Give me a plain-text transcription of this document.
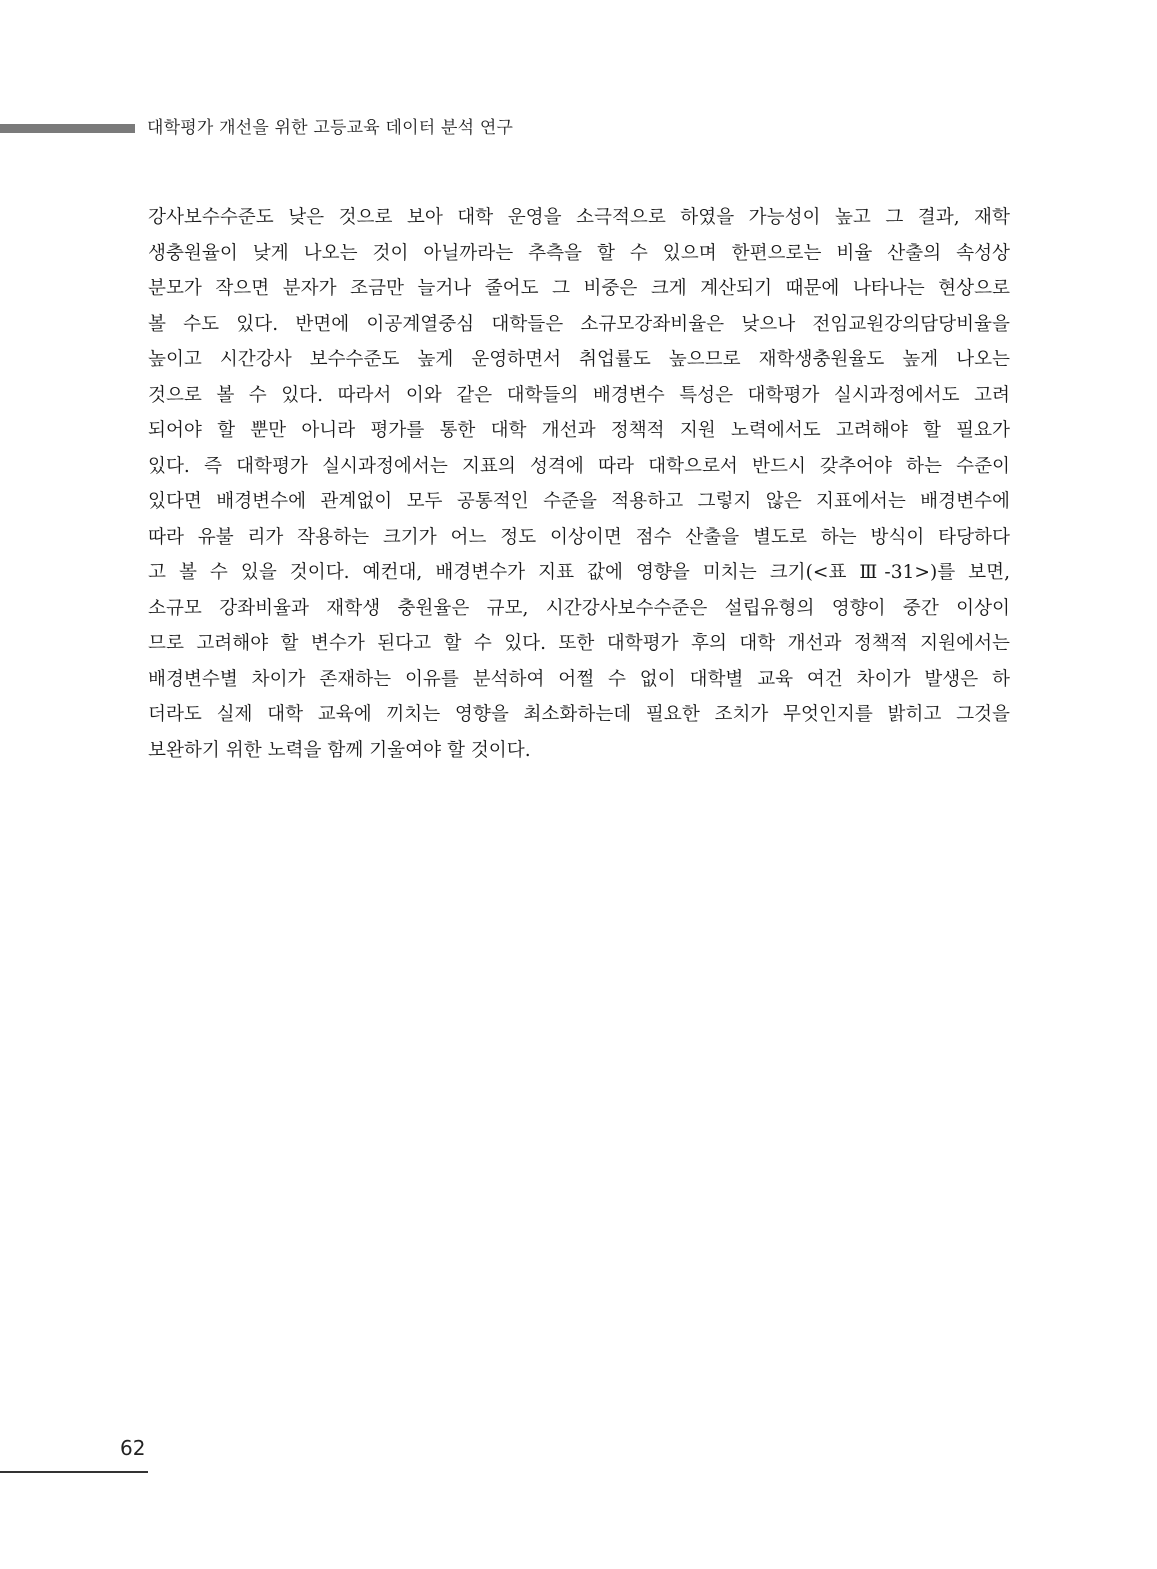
대학평가 개선을 위한 고등교육 데이터 분석 연구
강사보수수준도 낮은 것으로 보아 대학 운영을 소극적으로 하였을 가능성이 높고 그 결과, 재학
생충원율이 낮게 나오는 것이 아닐까라는 추측을 할 수 있으며 한편으로는 비율 산출의 속성상
분모가 작으면 분자가 조금만 늘거나 줄어도 그 비중은 크게 계산되기 때문에 나타나는 현상으로
볼 수도 있다. 반면에 이공계열중심 대학들은 소규모강좌비율은 낮으나 전임교원강의담당비율을
높이고 시간강사 보수수준도 높게 운영하면서 취업률도 높으므로 재학생충원율도 높게 나오는
것으로 볼 수 있다. 따라서 이와 같은 대학들의 배경변수 특성은 대학평가 실시과정에서도 고려
되어야 할 뿐만 아니라 평가를 통한 대학 개선과 정책적 지원 노력에서도 고려해야 할 필요가
있다. 즉 대학평가 실시과정에서는 지표의 성격에 따라 대학으로서 반드시 갖추어야 하는 수준이
있다면 배경변수에 관계없이 모두 공통적인 수준을 적용하고 그렇지 않은 지표에서는 배경변수에
따라 유불 리가 작용하는 크기가 어느 정도 이상이면 점수 산출을 별도로 하는 방식이 타당하다
고 볼 수 있을 것이다. 예컨대, 배경변수가 지표 값에 영향을 미치는 크기(<표 Ⅲ-31>)를 보면,
소규모 강좌비율과 재학생 충원율은 규모, 시간강사보수수준은 설립유형의 영향이 중간 이상이
므로 고려해야 할 변수가 된다고 할 수 있다. 또한 대학평가 후의 대학 개선과 정책적 지원에서는
배경변수별 차이가 존재하는 이유를 분석하여 어쩔 수 없이 대학별 교육 여건 차이가 발생은 하
더라도 실제 대학 교육에 끼치는 영향을 최소화하는데 필요한 조치가 무엇인지를 밝히고 그것을
보완하기 위한 노력을 함께 기울여야 할 것이다.
62
